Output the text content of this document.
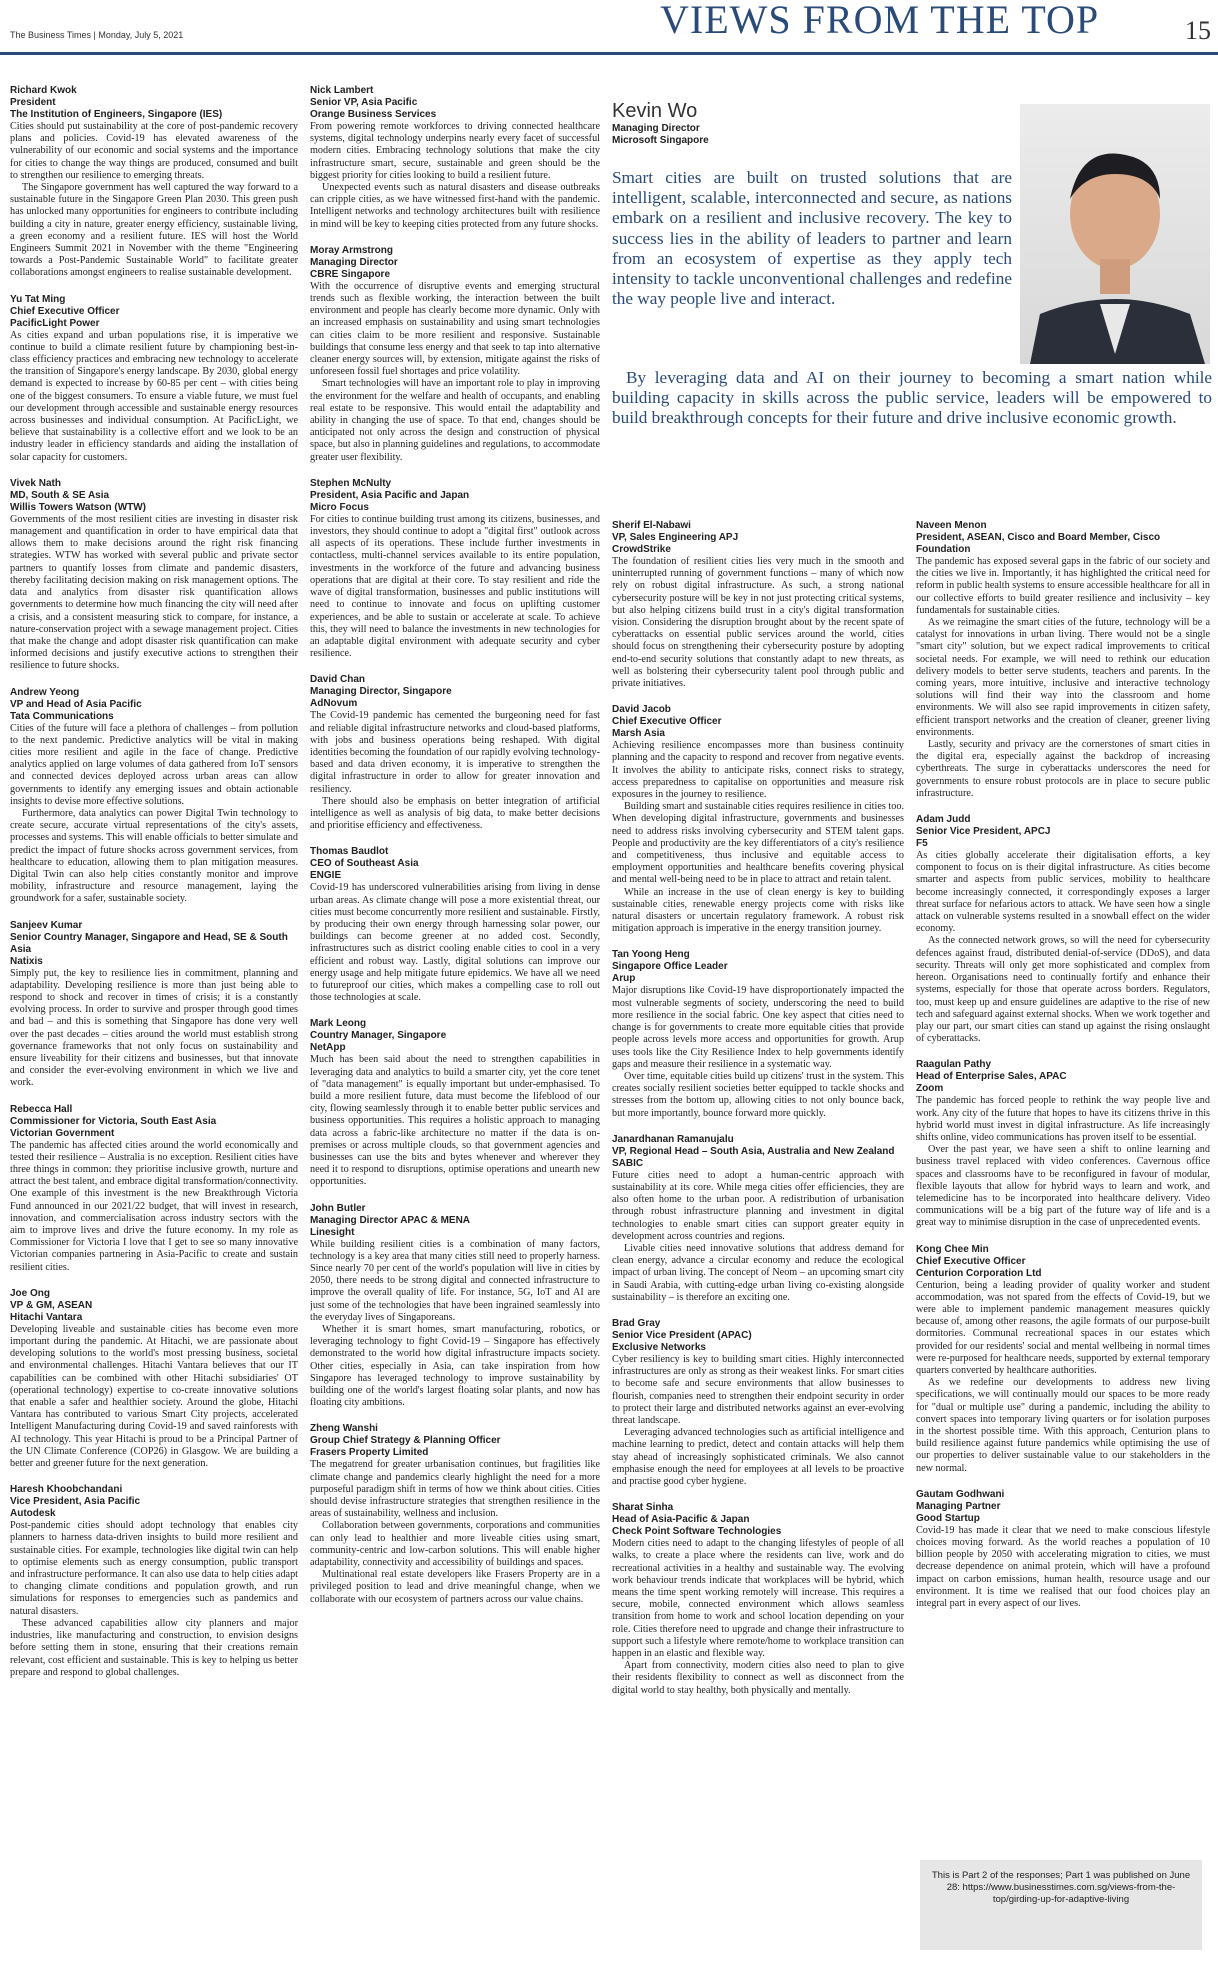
The Business Times | Monday, July 5, 2021	VIEWS FROM THE TOP	15
Kevin Wo
Managing Director
Microsoft Singapore
Smart cities are built on trusted solutions that are intelligent, scalable, interconnected and secure, as nations embark on a resilient and inclusive recovery. The key to success lies in the ability of leaders to partner and learn from an ecosystem of expertise as they apply tech intensity to tackle unconventional challenges and redefine the way people live and interact.
By leveraging data and AI on their journey to becoming a smart nation while building capacity in skills across the public service, leaders will be empowered to build breakthrough concepts for their future and drive inclusive economic growth.
Richard Kwok
President
The Institution of Engineers, Singapore (IES)

Cities should put sustainability at the core of post-pandemic recovery plans and policies. Covid-19 has elevated awareness of the vulnerability of our economic and social systems and the importance for cities to change the way things are produced, consumed and built to strengthen our resilience to emerging threats.

The Singapore government has well captured the way forward to a sustainable future in the Singapore Green Plan 2030. This green push has unlocked many opportunities for engineers to contribute including building a city in nature, greater energy efficiency, sustainable living, a green economy and a resilient future. IES will host the World Engineers Summit 2021 in November with the theme "Engineering towards a Post-Pandemic Sustainable World" to facilitate greater collaborations amongst engineers to realise sustainable development.

Yu Tat Ming
Chief Executive Officer
PacificLight Power

As cities expand and urban populations rise, it is imperative we continue to build a climate resilient future by championing best-in-class efficiency practices and embracing new technology to accelerate the transition of Singapore's energy landscape. By 2030, global energy demand is expected to increase by 60-85 per cent – with cities being one of the biggest consumers. To ensure a viable future, we must fuel our development through accessible and sustainable energy resources across businesses and individual consumption. At PacificLight, we believe that sustainability is a collective effort and we look to be an industry leader in efficiency standards and aiding the installation of solar capacity for customers.

Vivek Nath
MD, South & SE Asia
Willis Towers Watson (WTW)

Governments of the most resilient cities are investing in disaster risk management and quantification in order to have empirical data that allows them to make decisions around the right risk financing strategies. WTW has worked with several public and private sector partners to quantify losses from climate and pandemic disasters, thereby facilitating decision making on risk management options. The data and analytics from disaster risk quantification allows governments to determine how much financing the city will need after a crisis, and a consistent measuring stick to compare, for instance, a nature-conservation project with a sewage management project. Cities that make the change and adopt disaster risk quantification can make informed decisions and justify executive actions to strengthen their resilience to future shocks.

Andrew Yeong
VP and Head of Asia Pacific
Tata Communications

Cities of the future will face a plethora of challenges – from pollution to the next pandemic. Predictive analytics will be vital in making cities more resilient and agile in the face of change. Predictive analytics applied on large volumes of data gathered from IoT sensors and connected devices deployed across urban areas can allow governments to identify any emerging issues and obtain actionable insights to devise more effective solutions.

Furthermore, data analytics can power Digital Twin technology to create secure, accurate virtual representations of the city's assets, processes and systems. This will enable officials to better simulate and predict the impact of future shocks across government services, from healthcare to education, allowing them to plan mitigation measures. Digital Twin can also help cities constantly monitor and improve mobility, infrastructure and resource management, laying the groundwork for a safer, sustainable society.

Sanjeev Kumar
Senior Country Manager, Singapore and Head, SE & South Asia
Natixis

Simply put, the key to resilience lies in commitment, planning and adaptability. Developing resilience is more than just being able to respond to shock and recover in times of crisis; it is a constantly evolving process. In order to survive and prosper through good times and bad – and this is something that Singapore has done very well over the past decades – cities around the world must establish strong governance frameworks that not only focus on sustainability and ensure liveability for their citizens and businesses, but that innovate and consider the ever-evolving environment in which we live and work.

Rebecca Hall
Commissioner for Victoria, South East Asia
Victorian Government

The pandemic has affected cities around the world economically and tested their resilience – Australia is no exception. Resilient cities have three things in common: they prioritise inclusive growth, nurture and attract the best talent, and embrace digital transformation/connectivity. One example of this investment is the new Breakthrough Victoria Fund announced in our 2021/22 budget, that will invest in research, innovation, and commercialisation across industry sectors with the aim to improve lives and drive the future economy. In my role as Commissioner for Victoria I love that I get to see so many innovative Victorian companies partnering in Asia-Pacific to create and sustain resilient cities.

Joe Ong
VP & GM, ASEAN
Hitachi Vantara

Developing liveable and sustainable cities has become even more important during the pandemic. At Hitachi, we are passionate about developing solutions to the world's most pressing business, societal and environmental challenges. Hitachi Vantara believes that our IT capabilities can be combined with other Hitachi subsidiaries' OT (operational technology) expertise to co-create innovative solutions that enable a safer and healthier society. Around the globe, Hitachi Vantara has contributed to various Smart City projects, accelerated Intelligent Manufacturing during Covid-19 and saved rainforests with AI technology. This year Hitachi is proud to be a Principal Partner of the UN Climate Conference (COP26) in Glasgow. We are building a better and greener future for the next generation.

Haresh Khoobchandani
Vice President, Asia Pacific
Autodesk

Post-pandemic cities should adopt technology that enables city planners to harness data-driven insights to build more resilient and sustainable cities. For example, technologies like digital twin can help to optimise elements such as energy consumption, public transport and infrastructure performance. It can also use data to help cities adapt to changing climate conditions and population growth, and run simulations for responses to emergencies such as pandemics and natural disasters.

These advanced capabilities allow city planners and major industries, like manufacturing and construction, to envision designs before setting them in stone, ensuring that their creations remain relevant, cost efficient and sustainable. This is key to helping us better prepare and respond to global challenges.

Nick Lambert
Senior VP, Asia Pacific
Orange Business Services

From powering remote workforces to driving connected healthcare systems, digital technology underpins nearly every facet of successful modern cities. Embracing technology solutions that make the city infrastructure smart, secure, sustainable and green should be the biggest priority for cities looking to build a resilient future.

Unexpected events such as natural disasters and disease outbreaks can cripple cities, as we have witnessed first-hand with the pandemic. Intelligent networks and technology architectures built with resilience in mind will be key to keeping cities protected from any future shocks.

Moray Armstrong
Managing Director
CBRE Singapore

With the occurrence of disruptive events and emerging structural trends such as flexible working, the interaction between the built environment and people has clearly become more dynamic. Only with an increased emphasis on sustainability and using smart technologies can cities claim to be more resilient and responsive. Sustainable buildings that consume less energy and that seek to tap into alternative cleaner energy sources will, by extension, mitigate against the risks of unforeseen fossil fuel shortages and price volatility.

Smart technologies will have an important role to play in improving the environment for the welfare and health of occupants, and enabling real estate to be responsive. This would entail the adaptability and ability in changing the use of space. To that end, changes should be anticipated not only across the design and construction of physical space, but also in planning guidelines and regulations, to accommodate greater user flexibility.

Stephen McNulty
President, Asia Pacific and Japan
Micro Focus

For cities to continue building trust among its citizens, businesses, and investors, they should continue to adopt a "digital first" outlook across all aspects of its operations. These include further investments in contactless, multi-channel services available to its entire population, investments in the workforce of the future and advancing business operations that are digital at their core. To stay resilient and ride the wave of digital transformation, businesses and public institutions will need to continue to innovate and focus on uplifting customer experiences, and be able to sustain or accelerate at scale. To achieve this, they will need to balance the investments in new technologies for an adaptable digital environment with adequate security and cyber resilience.

David Chan
Managing Director, Singapore
AdNovum

The Covid-19 pandemic has cemented the burgeoning need for fast and reliable digital infrastructure networks and cloud-based platforms, with jobs and business operations being reshaped. With digital identities becoming the foundation of our rapidly evolving technology-based and data driven economy, it is imperative to strengthen the digital infrastructure in order to allow for greater innovation and resiliency.

There should also be emphasis on better integration of artificial intelligence as well as analysis of big data, to make better decisions and prioritise efficiency and effectiveness.

Thomas Baudlot
CEO of Southeast Asia
ENGIE

Covid-19 has underscored vulnerabilities arising from living in dense urban areas. As climate change will pose a more existential threat, our cities must become concurrently more resilient and sustainable. Firstly, by producing their own energy through harnessing solar power, our buildings can become greener at no added cost. Secondly, infrastructures such as district cooling enable cities to cool in a very efficient and robust way. Lastly, digital solutions can improve our energy usage and help mitigate future epidemics. We have all we need to futureproof our cities, which makes a compelling case to roll out those technologies at scale.

Mark Leong
Country Manager, Singapore
NetApp

Much has been said about the need to strengthen capabilities in leveraging data and analytics to build a smarter city, yet the core tenet of "data management" is equally important but under-emphasised. To build a more resilient future, data must become the lifeblood of our city, flowing seamlessly through it to enable better public services and business opportunities. This requires a holistic approach to managing data across a fabric-like architecture no matter if the data is on-premises or across multiple clouds, so that government agencies and businesses can use the bits and bytes whenever and wherever they need it to respond to disruptions, optimise operations and unearth new opportunities.

John Butler
Managing Director APAC & MENA
Linesight

While building resilient cities is a combination of many factors, technology is a key area that many cities still need to properly harness. Since nearly 70 per cent of the world's population will live in cities by 2050, there needs to be strong digital and connected infrastructure to improve the overall quality of life. For instance, 5G, IoT and AI are just some of the technologies that have been ingrained seamlessly into the everyday lives of Singaporeans.

Whether it is smart homes, smart manufacturing, robotics, or leveraging technology to fight Covid-19 – Singapore has effectively demonstrated to the world how digital infrastructure impacts society. Other cities, especially in Asia, can take inspiration from how Singapore has leveraged technology to improve sustainability by building one of the world's largest floating solar plants, and now has floating city ambitions.

Zheng Wanshi
Group Chief Strategy & Planning Officer
Frasers Property Limited

The megatrend for greater urbanisation continues, but fragilities like climate change and pandemics clearly highlight the need for a more purposeful paradigm shift in terms of how we think about cities. Cities should devise infrastructure strategies that strengthen resilience in the areas of sustainability, wellness and inclusion.

Collaboration between governments, corporations and communities can only lead to healthier and more liveable cities using smart, community-centric and low-carbon solutions. This will enable higher adaptability, connectivity and accessibility of buildings and spaces.

Multinational real estate developers like Frasers Property are in a privileged position to lead and drive meaningful change, when we collaborate with our ecosystem of partners across our value chains.

Sherif El-Nabawi
VP, Sales Engineering APJ
CrowdStrike

The foundation of resilient cities lies very much in the smooth and uninterrupted running of government functions – many of which now rely on robust digital infrastructure. As such, a strong national cybersecurity posture will be key in not just protecting critical systems, but also helping citizens build trust in a city's digital transformation vision. Considering the disruption brought about by the recent spate of cyberattacks on essential public services around the world, cities should focus on strengthening their cybersecurity posture by adopting end-to-end security solutions that constantly adapt to new threats, as well as bolstering their cybersecurity talent pool through public and private initiatives.

David Jacob
Chief Executive Officer
Marsh Asia

Achieving resilience encompasses more than business continuity planning and the capacity to respond and recover from negative events. It involves the ability to anticipate risks, connect risks to strategy, access preparedness to capitalise on opportunities and measure risk exposures in the journey to resilience.

Building smart and sustainable cities requires resilience in cities too. When developing digital infrastructure, governments and businesses need to address risks involving cybersecurity and STEM talent gaps. People and productivity are the key differentiators of a city's resilience and competitiveness, thus inclusive and equitable access to employment opportunities and healthcare benefits covering physical and mental well-being need to be in place to attract and retain talent.

While an increase in the use of clean energy is key to building sustainable cities, renewable energy projects come with risks like natural disasters or uncertain regulatory framework. A robust risk mitigation approach is imperative in the energy transition journey.

Tan Yoong Heng
Singapore Office Leader
Arup

Major disruptions like Covid-19 have disproportionately impacted the most vulnerable segments of society, underscoring the need to build more resilience in the social fabric. One key aspect that cities need to change is for governments to create more equitable cities that provide people across levels more access and opportunities for growth. Arup uses tools like the City Resilience Index to help governments identify gaps and measure their resilience in a systematic way.

Over time, equitable cities build up citizens' trust in the system. This creates socially resilient societies better equipped to tackle shocks and stresses from the bottom up, allowing cities to not only bounce back, but more importantly, bounce forward more quickly.

Janardhanan Ramanujalu
VP, Regional Head – South Asia, Australia and New Zealand
SABIC

Future cities need to adopt a human-centric approach with sustainability at its core. While mega cities offer efficiencies, they are also often home to the urban poor. A redistribution of urbanisation through robust infrastructure planning and investment in digital technologies to enable smart cities can support greater equity in development across countries and regions.

Livable cities need innovative solutions that address demand for clean energy, advance a circular economy and reduce the ecological impact of urban living. The concept of Neom – an upcoming smart city in Saudi Arabia, with cutting-edge urban living co-existing alongside sustainability – is therefore an exciting one.

Brad Gray
Senior Vice President (APAC)
Exclusive Networks

Cyber resiliency is key to building smart cities. Highly interconnected infrastructures are only as strong as their weakest links. For smart cities to become safe and secure environments that allow businesses to flourish, companies need to strengthen their endpoint security in order to protect their large and distributed networks against an ever-evolving threat landscape.

Leveraging advanced technologies such as artificial intelligence and machine learning to predict, detect and contain attacks will help them stay ahead of increasingly sophisticated criminals. We also cannot emphasise enough the need for employees at all levels to be proactive and practise good cyber hygiene.

Sharat Sinha
Head of Asia-Pacific & Japan
Check Point Software Technologies

Modern cities need to adapt to the changing lifestyles of people of all walks, to create a place where the residents can live, work and do recreational activities in a healthy and sustainable way. The evolving work behaviour trends indicate that workplaces will be hybrid, which means the time spent working remotely will increase. This requires a secure, mobile, connected environment which allows seamless transition from home to work and school location depending on your role. Cities therefore need to upgrade and change their infrastructure to support such a lifestyle where remote/home to workplace transition can happen in an elastic and flexible way.

Apart from connectivity, modern cities also need to plan to give their residents flexibility to connect as well as disconnect from the digital world to stay healthy, both physically and mentally.

Naveen Menon
President, ASEAN, Cisco and Board Member, Cisco Foundation

The pandemic has exposed several gaps in the fabric of our society and the cities we live in. Importantly, it has highlighted the critical need for reform in public health systems to ensure accessible healthcare for all in our collective efforts to build greater resilience and inclusivity – key fundamentals for sustainable cities.

As we reimagine the smart cities of the future, technology will be a catalyst for innovations in urban living. There would not be a single "smart city" solution, but we expect radical improvements to critical societal needs. For example, we will need to rethink our education delivery models to better serve students, teachers and parents. In the coming years, more intuitive, inclusive and interactive technology solutions will find their way into the classroom and home environments. We will also see rapid improvements in citizen safety, efficient transport networks and the creation of cleaner, greener living environments.

Lastly, security and privacy are the cornerstones of smart cities in the digital era, especially against the backdrop of increasing cyberthreats. The surge in cyberattacks underscores the need for governments to ensure robust protocols are in place to secure public infrastructure.

Adam Judd
Senior Vice President, APCJ
F5

As cities globally accelerate their digitalisation efforts, a key component to focus on is their digital infrastructure. As cities become smarter and aspects from public services, mobility to healthcare become increasingly connected, it correspondingly exposes a larger threat surface for nefarious actors to attack. We have seen how a single attack on vulnerable systems resulted in a snowball effect on the wider economy.

As the connected network grows, so will the need for cybersecurity defences against fraud, distributed denial-of-service (DDoS), and data security. Threats will only get more sophisticated and complex from hereon. Organisations need to continually fortify and enhance their systems, especially for those that operate across borders. Regulators, too, must keep up and ensure guidelines are adaptive to the rise of new tech and safeguard against external shocks. When we work together and play our part, our smart cities can stand up against the rising onslaught of cyberattacks.

Raagulan Pathy
Head of Enterprise Sales, APAC
Zoom

The pandemic has forced people to rethink the way people live and work. Any city of the future that hopes to have its citizens thrive in this hybrid world must invest in digital infrastructure. As life increasingly shifts online, video communications has proven itself to be essential.

Over the past year, we have seen a shift to online learning and business travel replaced with video conferences. Cavernous office spaces and classrooms have to be reconfigured in favour of modular, flexible layouts that allow for hybrid ways to learn and work, and telemedicine has to be incorporated into healthcare delivery. Video communications will be a big part of the future way of life and is a great way to minimise disruption in the case of unprecedented events.

Kong Chee Min
Chief Executive Officer
Centurion Corporation Ltd

Centurion, being a leading provider of quality worker and student accommodation, was not spared from the effects of Covid-19, but we were able to implement pandemic management measures quickly because of, among other reasons, the agile formats of our purpose-built dormitories. Communal recreational spaces in our estates which provided for our residents' social and mental wellbeing in normal times were re-purposed for healthcare needs, supported by external temporary quarters converted by healthcare authorities.

As we redefine our developments to address new living specifications, we will continually mould our spaces to be more ready for "dual or multiple use" during a pandemic, including the ability to convert spaces into temporary living quarters or for isolation purposes in the shortest possible time. With this approach, Centurion plans to build resilience against future pandemics while optimising the use of our properties to deliver sustainable value to our stakeholders in the new normal.

Gautam Godhwani
Managing Partner
Good Startup

Covid-19 has made it clear that we need to make conscious lifestyle choices moving forward. As the world reaches a population of 10 billion people by 2050 with accelerating migration to cities, we must decrease dependence on animal protein, which will have a profound impact on carbon emissions, human health, resource usage and our environment. It is time we realised that our food choices play an integral part in every aspect of our lives.

This is Part 2 of the responses; Part 1 was published on June 28: https://www.businesstimes.com.sg/views-from-the-top/girding-up-for-adaptive-living
